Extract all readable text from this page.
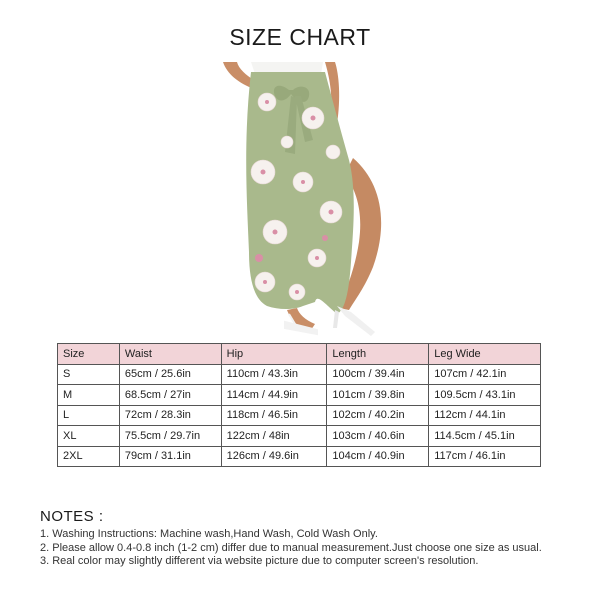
SIZE CHART
Size	Waist	Hip	Length	Leg Wide
S	65cm / 25.6in	110cm / 43.3in	100cm / 39.4in	107cm / 42.1in
M	68.5cm / 27in	114cm / 44.9in	101cm / 39.8in	109.5cm / 43.1in
L	72cm / 28.3in	118cm / 46.5in	102cm / 40.2in	112cm / 44.1in
XL	75.5cm / 29.7in	122cm / 48in	103cm / 40.6in	114.5cm / 45.1in
2XL	79cm / 31.1in	126cm / 49.6in	104cm / 40.9in	117cm / 46.1in
NOTES :
1. Washing Instructions: Machine wash,Hand Wash, Cold Wash Only.
2. Please allow 0.4-0.8 inch (1-2 cm) differ due to manual measurement.Just choose one size as usual.
3. Real color may slightly different via website picture due to computer screen's resolution.
